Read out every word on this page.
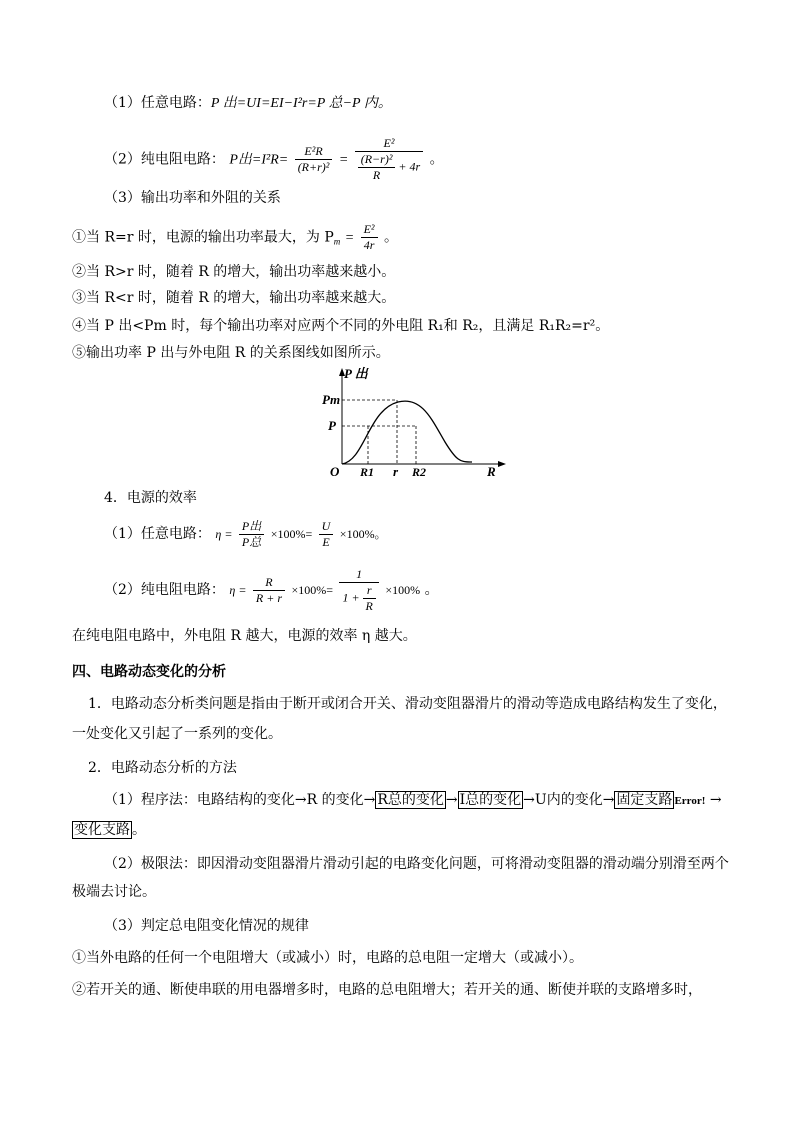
（1）任意电路：P 出=UI=EI−I²r=P 总−P 内。
（2）纯电阻电路： P出$=I^2R= \frac{\text{E²R}}{\text{(R+r)²}} = \frac{\text{E²}}{\frac{\text{(R−r)²}}{R} + 4r}$ 。
（3）输出功率和外阻的关系
①当 R=r 时，电源的输出功率最大，为 $P_m = \frac{\text{E²}}{4r}$ 。
②当 R>r 时，随着 R 的增大，输出功率越来越小。
③当 R<r 时，随着 R 的增大，输出功率越来越大。
④当 P 出<Pm 时，每个输出功率对应两个不同的外电阻 R₁和 R₂，且满足 R₁R₂=r²。
⑤输出功率 P 出与外电阻 R 的关系图线如图所示。
P 出
Pm
P
O R1 r R2	R
4．电源的效率
（1）任意电路： $\eta = \frac{\text{P出}}{\text{P总}} \times 100\%= \frac{U}{E} \times 100\%$。
（2）纯电阻电路： $\eta = \frac{R}{R + r} \times 100\%= \frac{1}{1 + \frac{r}{R}} \times 100\%$ 。
在纯电阻电路中，外电阻 R 越大，电源的效率 η 越大。
四、电路动态变化的分析
1．电路动态分析类问题是指由于断开或闭合开关、滑动变阻器滑片的滑动等造成电路结构发生了变化，
一处变化又引起了一系列的变化。
2．电路动态分析的方法
（1）程序法：电路结构的变化→R 的变化→ R总的变化 → I总的变化 →U内的变化→ 固定支路 Error! →
变化支路 。
（2）极限法：即因滑动变阻器滑片滑动引起的电路变化问题，可将滑动变阻器的滑动端分别滑至两个
极端去讨论。
（3）判定总电阻变化情况的规律
①当外电路的任何一个电阻增大（或减小）时，电路的总电阻一定增大（或减小）。
②若开关的通、断使串联的用电器增多时，电路的总电阻增大；若开关的通、断使并联的支路增多时，
